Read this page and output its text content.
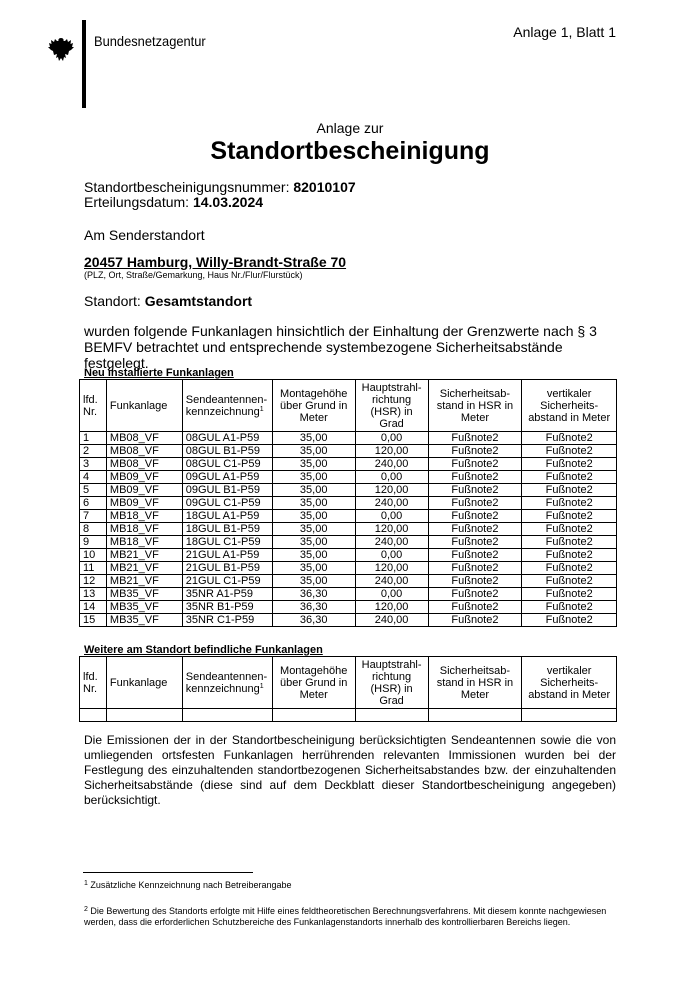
Bundesnetzagentur
Anlage 1, Blatt 1
Anlage zur
Standortbescheinigung
Standortbescheinigungsnummer: 82010107
Erteilungsdatum: 14.03.2024
Am Senderstandort
20457 Hamburg, Willy-Brandt-Straße 70
(PLZ, Ort, Straße/Gemarkung, Haus Nr./Flur/Flurstück)
Standort: Gesamtstandort
wurden folgende Funkanlagen hinsichtlich der Einhaltung der Grenzwerte nach § 3 BEMFV betrachtet und entsprechende systembezogene Sicherheitsabstände festgelegt.
Neu installierte Funkanlagen
lfd. Nr.	Funkanlage	Sendeantennen-kennzeichnung$^1$	Montagehöhe über Grund in Meter	Hauptstrahl-richtung (HSR) in Grad	Sicherheitsab-stand in HSR in Meter	vertikaler Sicherheits-abstand in Meter
1	MB08_VF	08GUL A1-P59	35,00	0,00	Fußnote2	Fußnote2
2	MB08_VF	08GUL B1-P59	35,00	120,00	Fußnote2	Fußnote2
3	MB08_VF	08GUL C1-P59	35,00	240,00	Fußnote2	Fußnote2
4	MB09_VF	09GUL A1-P59	35,00	0,00	Fußnote2	Fußnote2
5	MB09_VF	09GUL B1-P59	35,00	120,00	Fußnote2	Fußnote2
6	MB09_VF	09GUL C1-P59	35,00	240,00	Fußnote2	Fußnote2
7	MB18_VF	18GUL A1-P59	35,00	0,00	Fußnote2	Fußnote2
8	MB18_VF	18GUL B1-P59	35,00	120,00	Fußnote2	Fußnote2
9	MB18_VF	18GUL C1-P59	35,00	240,00	Fußnote2	Fußnote2
10	MB21_VF	21GUL A1-P59	35,00	0,00	Fußnote2	Fußnote2
11	MB21_VF	21GUL B1-P59	35,00	120,00	Fußnote2	Fußnote2
12	MB21_VF	21GUL C1-P59	35,00	240,00	Fußnote2	Fußnote2
13	MB35_VF	35NR A1-P59	36,30	0,00	Fußnote2	Fußnote2
14	MB35_VF	35NR B1-P59	36,30	120,00	Fußnote2	Fußnote2
15	MB35_VF	35NR C1-P59	36,30	240,00	Fußnote2	Fußnote2
Weitere am Standort befindliche Funkanlagen
lfd. Nr.	Funkanlage	Sendeantennen-kennzeichnung$^1$	Montagehöhe über Grund in Meter	Hauptstrahl-richtung (HSR) in Grad	Sicherheitsab-stand in HSR in Meter	vertikaler Sicherheits-abstand in Meter

Die Emissionen der in der Standortbescheinigung berücksichtigten Sendeantennen sowie die von umliegenden ortsfesten Funkanlagen herrührenden relevanten Immissionen wurden bei der Festlegung des einzuhaltenden standortbezogenen Sicherheitsabstandes bzw. der einzuhaltenden Sicherheitsabstände (diese sind auf dem Deckblatt dieser Standortbescheinigung angegeben) berücksichtigt.
$^1$ Zusätzliche Kennzeichnung nach Betreiberangabe
$^2$ Die Bewertung des Standorts erfolgte mit Hilfe eines feldtheoretischen Berechnungsverfahrens. Mit diesem konnte nachgewiesen werden, dass die erforderlichen Schutzbereiche des Funkanlagenstandorts innerhalb des kontrollierbaren Bereichs liegen.
